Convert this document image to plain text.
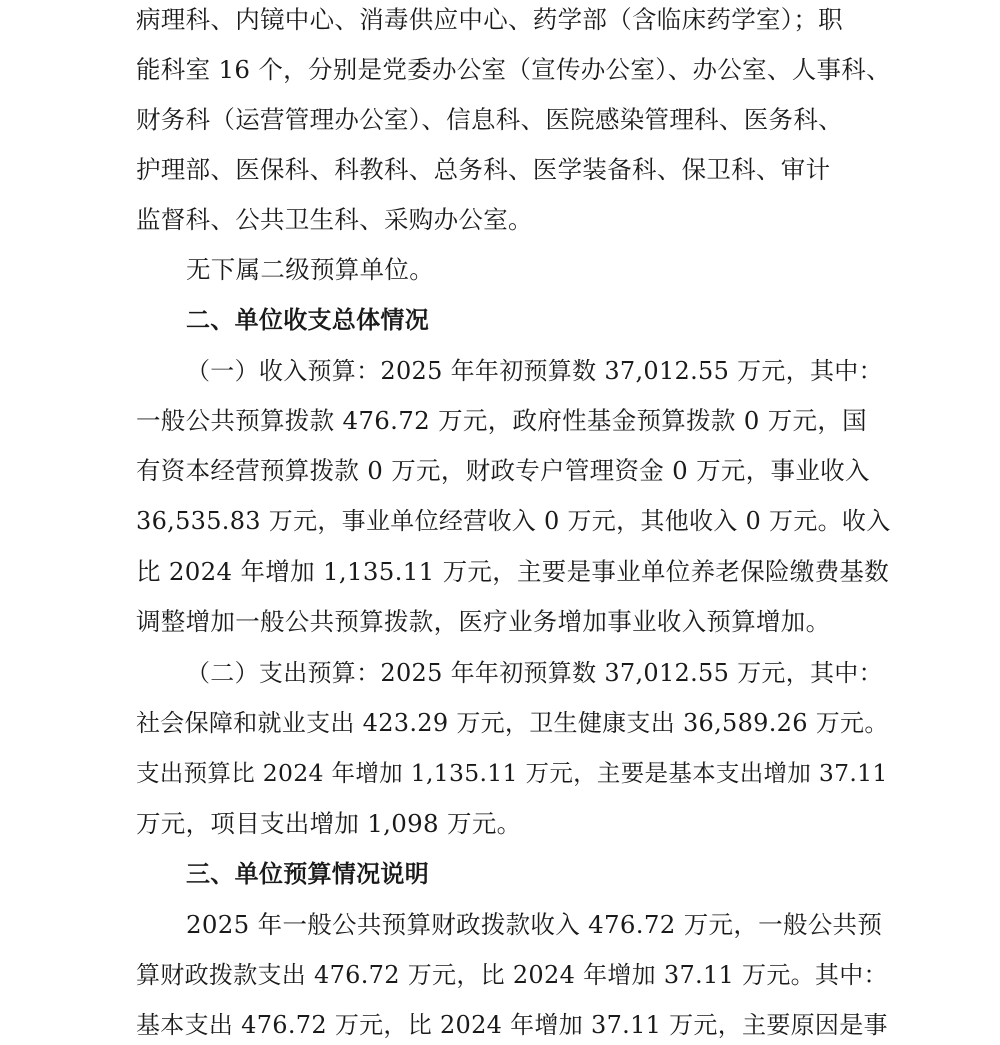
病理科、内镜中心、消毒供应中心、药学部（含临床药学室）；职
能科室 16 个，分别是党委办公室（宣传办公室）、办公室、人事科、
财务科（运营管理办公室）、信息科、医院感染管理科、医务科、
护理部、医保科、科教科、总务科、医学装备科、保卫科、审计
监督科、公共卫生科、采购办公室。
无下属二级预算单位。
二、单位收支总体情况
（一）收入预算：2025 年年初预算数 37,012.55 万元，其中：
一般公共预算拨款 476.72 万元，政府性基金预算拨款 0 万元，国
有资本经营预算拨款 0 万元，财政专户管理资金 0 万元，事业收入
36,535.83 万元，事业单位经营收入 0 万元，其他收入 0 万元。收入
比 2024 年增加 1,135.11 万元，主要是事业单位养老保险缴费基数
调整增加一般公共预算拨款，医疗业务增加事业收入预算增加。
（二）支出预算：2025 年年初预算数 37,012.55 万元，其中：
社会保障和就业支出 423.29 万元，卫生健康支出 36,589.26 万元。
支出预算比 2024 年增加 1,135.11 万元，主要是基本支出增加 37.11
万元，项目支出增加 1,098 万元。
三、单位预算情况说明
2025 年一般公共预算财政拨款收入 476.72 万元，一般公共预
算财政拨款支出 476.72 万元，比 2024 年增加 37.11 万元。其中：
基本支出 476.72 万元，比 2024 年增加 37.11 万元，主要原因是事
